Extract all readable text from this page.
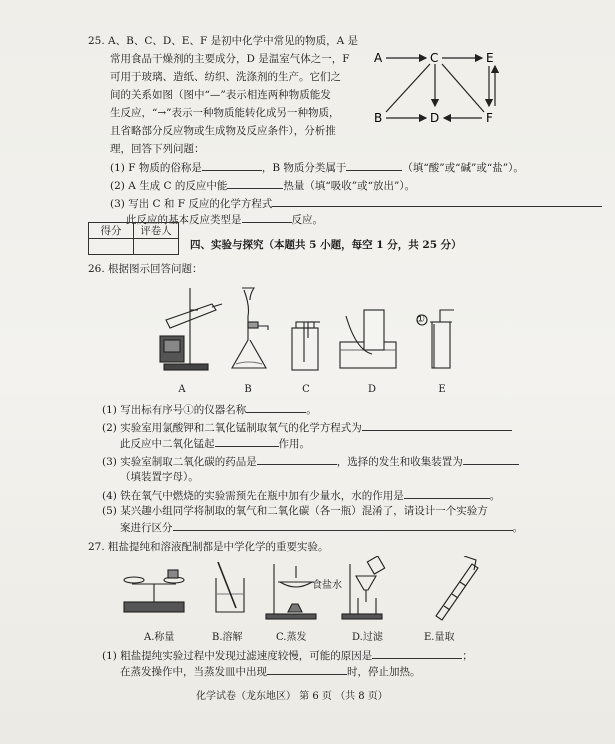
25. A、B、C、D、E、F 是初中化学中常见的物质，A 是
常用食品干燥剂的主要成分，D 是温室气体之一，F
可用于玻璃、造纸、纺织、洗涤剂的生产。它们之
间的关系如图（图中“—”表示相连两种物质能发
生反应，“→”表示一种物质能转化成另一种物质，
且省略部分反应物或生成物及反应条件），分析推
理，回答下列问题：
A	C	E
B	D	F
(1) F 物质的俗称是	，B 物质分类属于	（填“酸”或“碱”或“盐”）。
(2) A 生成 C 的反应中能	热量（填“吸收”或“放出”）。
(3) 写出 C 和 F 反应的化学方程式
此反应的基本反应类型是	反应。
得分	评卷人

四、实验与探究（本题共 5 小题，每空 1 分，共 25 分）
26. 根据图示回答问题：
①
A	B	C	D	E
(1) 写出标有序号①的仪器名称	。
(2) 实验室用氯酸钾和二氧化锰制取氧气的化学方程式为
此反应中二氧化锰起	作用。
(3) 实验室制取二氧化碳的药品是	，选择的发生和收集装置为
（填装置字母）。
(4) 铁在氧气中燃烧的实验需预先在瓶中加有少量水，水的作用是	。
(5) 某兴趣小组同学将制取的氧气和二氧化碳（各一瓶）混淆了，请设计一个实验方
案进行区分	。
27. 粗盐提纯和溶液配制都是中学化学的重要实验。
食盐水
A.称量	B.溶解	C.蒸发	D.过滤	E.量取
(1) 粗盐提纯实验过程中发现过滤速度较慢，可能的原因是	；
在蒸发操作中，当蒸发皿中出现	时，停止加热。
化学试卷（龙东地区） 第 6 页 （共 8 页）
